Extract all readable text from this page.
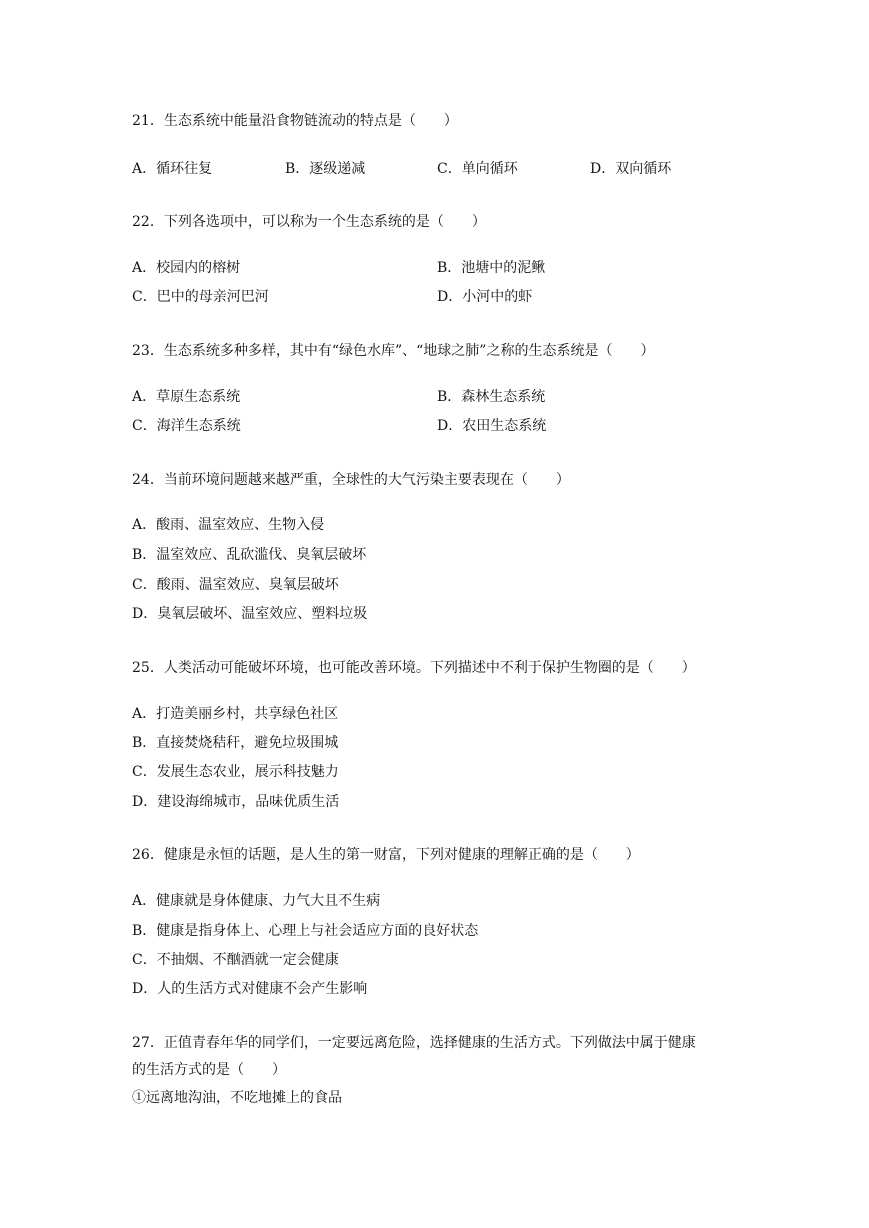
21．生态系统中能量沿食物链流动的特点是（　　）
A．循环往复	B．逐级递减	C．单向循环	D．双向循环
22．下列各选项中，可以称为一个生态系统的是（　　）
A．校园内的榕树	B．池塘中的泥鳅
C．巴中的母亲河巴河	D．小河中的虾
23．生态系统多种多样，其中有“绿色水库”、“地球之肺”之称的生态系统是（　　）
A．草原生态系统	B．森林生态系统
C．海洋生态系统	D．农田生态系统
24．当前环境问题越来越严重，全球性的大气污染主要表现在（　　）
A．酸雨、温室效应、生物入侵
B．温室效应、乱砍滥伐、臭氧层破坏
C．酸雨、温室效应、臭氧层破坏
D．臭氧层破坏、温室效应、塑料垃圾
25．人类活动可能破坏环境，也可能改善环境。下列描述中不利于保护生物圈的是（　　）
A．打造美丽乡村，共享绿色社区
B．直接焚烧秸秆，避免垃圾围城
C．发展生态农业，展示科技魅力
D．建设海绵城市，品味优质生活
26．健康是永恒的话题，是人生的第一财富，下列对健康的理解正确的是（　　）
A．健康就是身体健康、力气大且不生病
B．健康是指身体上、心理上与社会适应方面的良好状态
C．不抽烟、不酗酒就一定会健康
D．人的生活方式对健康不会产生影响
27．正值青春年华的同学们，一定要远离危险，选择健康的生活方式。下列做法中属于健康
的生活方式的是（　　）
①远离地沟油，不吃地摊上的食品
